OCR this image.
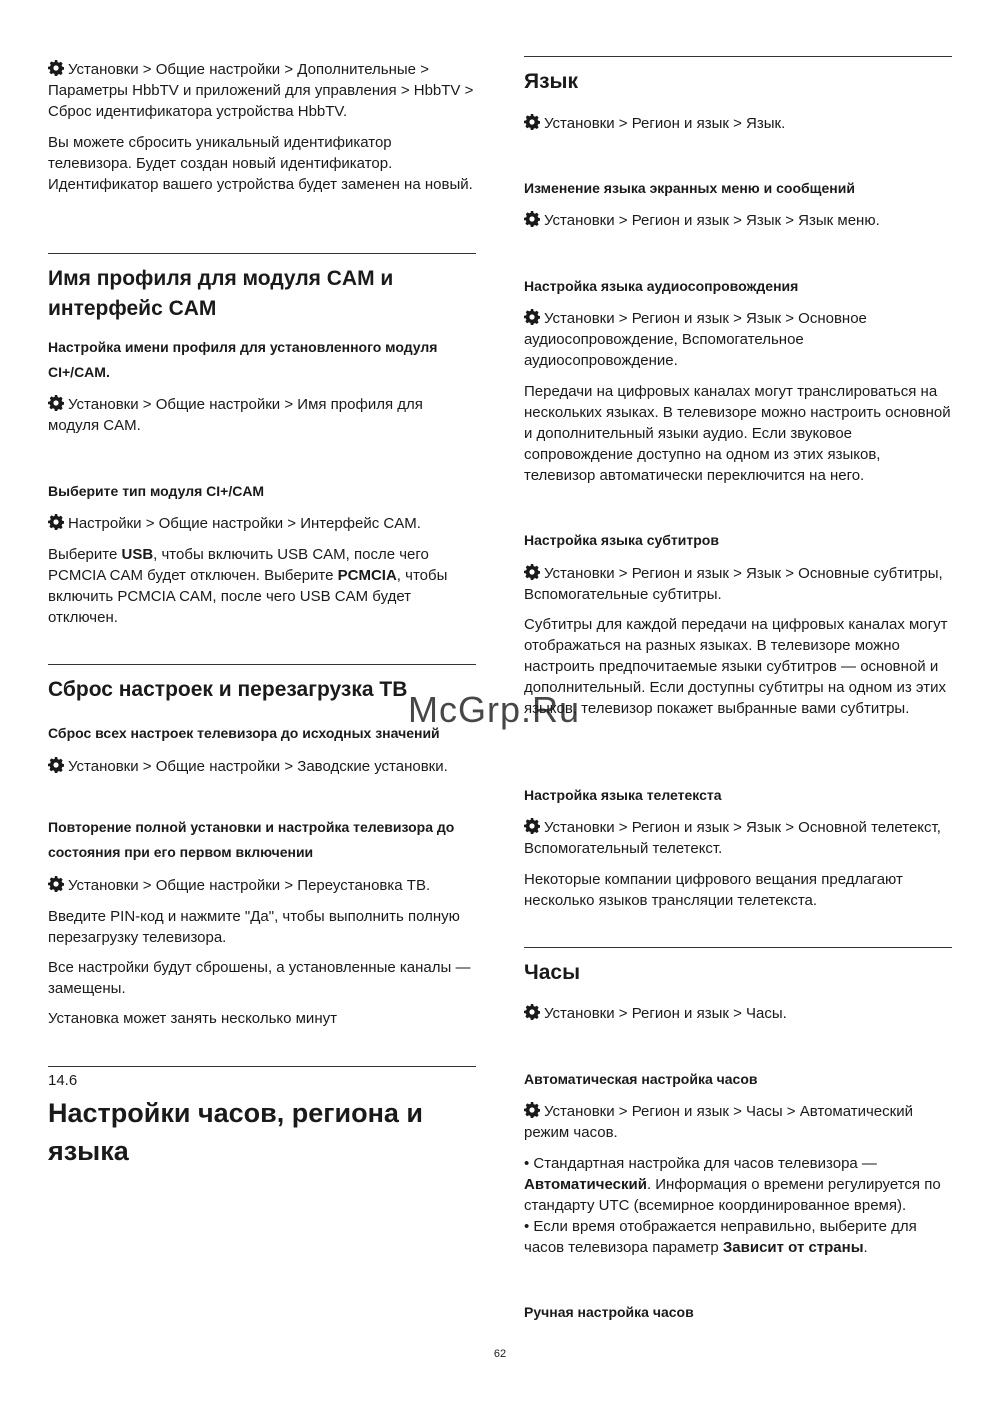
Установки > Общие настройки > Дополнительные > Параметры HbbTV и приложений для управления > HbbTV > Сброс идентификатора устройства HbbTV.

Вы можете сбросить уникальный идентификатор телевизора. Будет создан новый идентификатор. Идентификатор вашего устройства будет заменен на новый.

Имя профиля для модуля CAM и интерфейс CAM

Настройка имени профиля для установленного модуля CI+/CAM.

Установки > Общие настройки > Имя профиля для модуля CAM.

Выберите тип модуля CI+/CAM

Настройки > Общие настройки > Интерфейс CAM.

Выберите USB, чтобы включить USB CAM, после чего PCMCIA CAM будет отключен. Выберите PCMCIA, чтобы включить PCMCIA CAM, после чего USB CAM будет отключен.

Сброс настроек и перезагрузка ТВ

Сброс всех настроек телевизора до исходных значений

Установки > Общие настройки > Заводские установки.

Повторение полной установки и настройка телевизора до состояния при его первом включении

Установки > Общие настройки > Переустановка ТВ.

Введите PIN-код и нажмите "Да", чтобы выполнить полную перезагрузку телевизора.

Все настройки будут сброшены, а установленные каналы — замещены.

Установка может занять несколько минут

14.6

Настройки часов, региона и языка

Язык

Установки > Регион и язык > Язык.

Изменение языка экранных меню и сообщений

Установки > Регион и язык > Язык > Язык меню.

Настройка языка аудиосопровождения

Установки > Регион и язык > Язык > Основное аудиосопровождение, Вспомогательное аудиосопровождение.

Передачи на цифровых каналах могут транслироваться на нескольких языках. В телевизоре можно настроить основной и дополнительный языки аудио. Если звуковое сопровождение доступно на одном из этих языков, телевизор автоматически переключится на него.

Настройка языка субтитров

Установки > Регион и язык > Язык > Основные субтитры, Вспомогательные субтитры.

Субтитры для каждой передачи на цифровых каналах могут отображаться на разных языках. В телевизоре можно настроить предпочитаемые языки субтитров — основной и дополнительный. Если доступны субтитры на одном из этих языков, телевизор покажет выбранные вами субтитры.

Настройка языка телетекста

Установки > Регион и язык > Язык > Основной телетекст, Вспомогательный телетекст.

Некоторые компании цифрового вещания предлагают несколько языков трансляции телетекста.

Часы

Установки > Регион и язык > Часы.

Автоматическая настройка часов

Установки > Регион и язык > Часы > Автоматический режим часов.

• Стандартная настройка для часов телевизора — Автоматический. Информация о времени регулируется по стандарту UTC (всемирное координированное время).
• Если время отображается неправильно, выберите для часов телевизора параметр Зависит от страны.

Ручная настройка часов

McGrp.Ru
62
